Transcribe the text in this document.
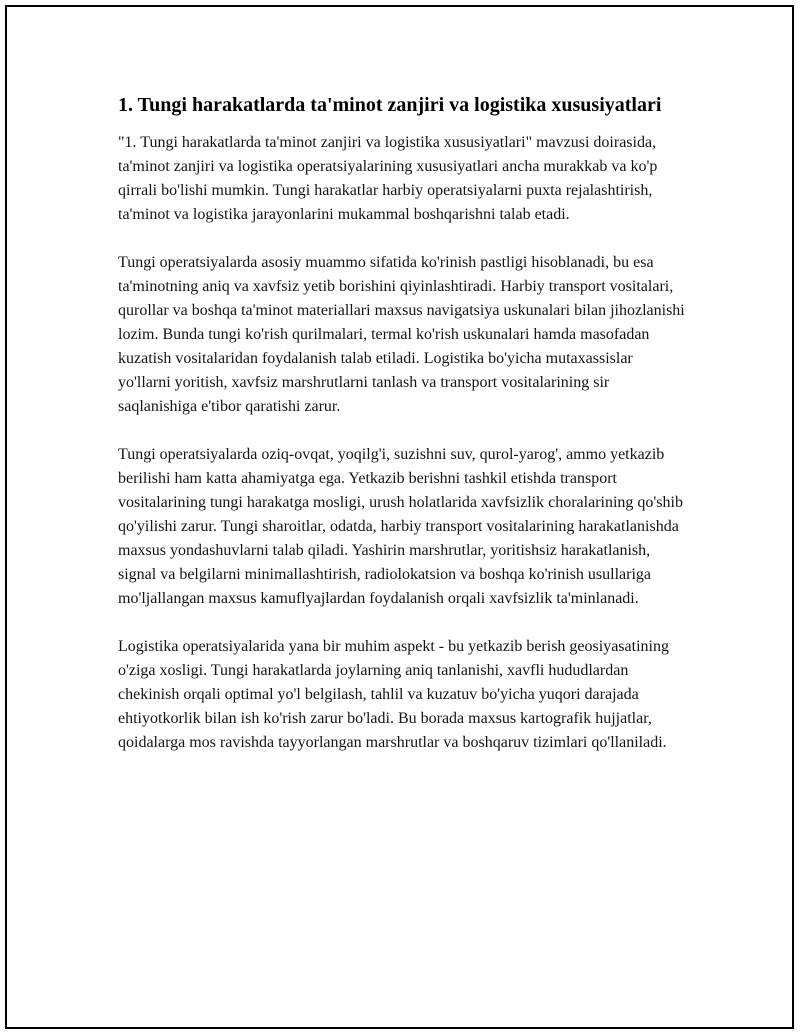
1. Tungi harakatlarda ta'minot zanjiri va logistika xususiyatlari

"1. Tungi harakatlarda ta'minot zanjiri va logistika xususiyatlari" mavzusi doirasida, ta'minot zanjiri va logistika operatsiyalarining xususiyatlari ancha murakkab va ko'p qirrali bo'lishi mumkin. Tungi harakatlar harbiy operatsiyalarni puxta rejalashtirish, ta'minot va logistika jarayonlarini mukammal boshqarishni talab etadi.

Tungi operatsiyalarda asosiy muammo sifatida ko'rinish pastligi hisoblanadi, bu esa ta'minotning aniq va xavfsiz yetib borishini qiyinlashtiradi. Harbiy transport vositalari, qurollar va boshqa ta'minot materiallari maxsus navigatsiya uskunalari bilan jihozlanishi lozim. Bunda tungi ko'rish qurilmalari, termal ko'rish uskunalari hamda masofadan kuzatish vositalaridan foydalanish talab etiladi. Logistika bo'yicha mutaxassislar yo'llarni yoritish, xavfsiz marshrutlarni tanlash va transport vositalarining sir saqlanishiga e'tibor qaratishi zarur.

Tungi operatsiyalarda oziq-ovqat, yoqilg'i, suzishni suv, qurol-yarog', ammo yetkazib berilishi ham katta ahamiyatga ega. Yetkazib berishni tashkil etishda transport vositalarining tungi harakatga mosligi, urush holatlarida xavfsizlik choralarining qo'shib qo'yilishi zarur. Tungi sharoitlar, odatda, harbiy transport vositalarining harakatlanishda maxsus yondashuvlarni talab qiladi. Yashirin marshrutlar, yoritishsiz harakatlanish, signal va belgilarni minimallashtirish, radiolokatsion va boshqa ko'rinish usullariga mo'ljallangan maxsus kamuflyajlardan foydalanish orqali xavfsizlik ta'minlanadi.

Logistika operatsiyalarida yana bir muhim aspekt - bu yetkazib berish geosiyasatining o'ziga xosligi. Tungi harakatlarda joylarning aniq tanlanishi, xavfli hududlardan chekinish orqali optimal yo'l belgilash, tahlil va kuzatuv bo'yicha yuqori darajada ehtiyotkorlik bilan ish ko'rish zarur bo'ladi. Bu borada maxsus kartografik hujjatlar, qoidalarga mos ravishda tayyorlangan marshrutlar va boshqaruv tizimlari qo'llaniladi.
